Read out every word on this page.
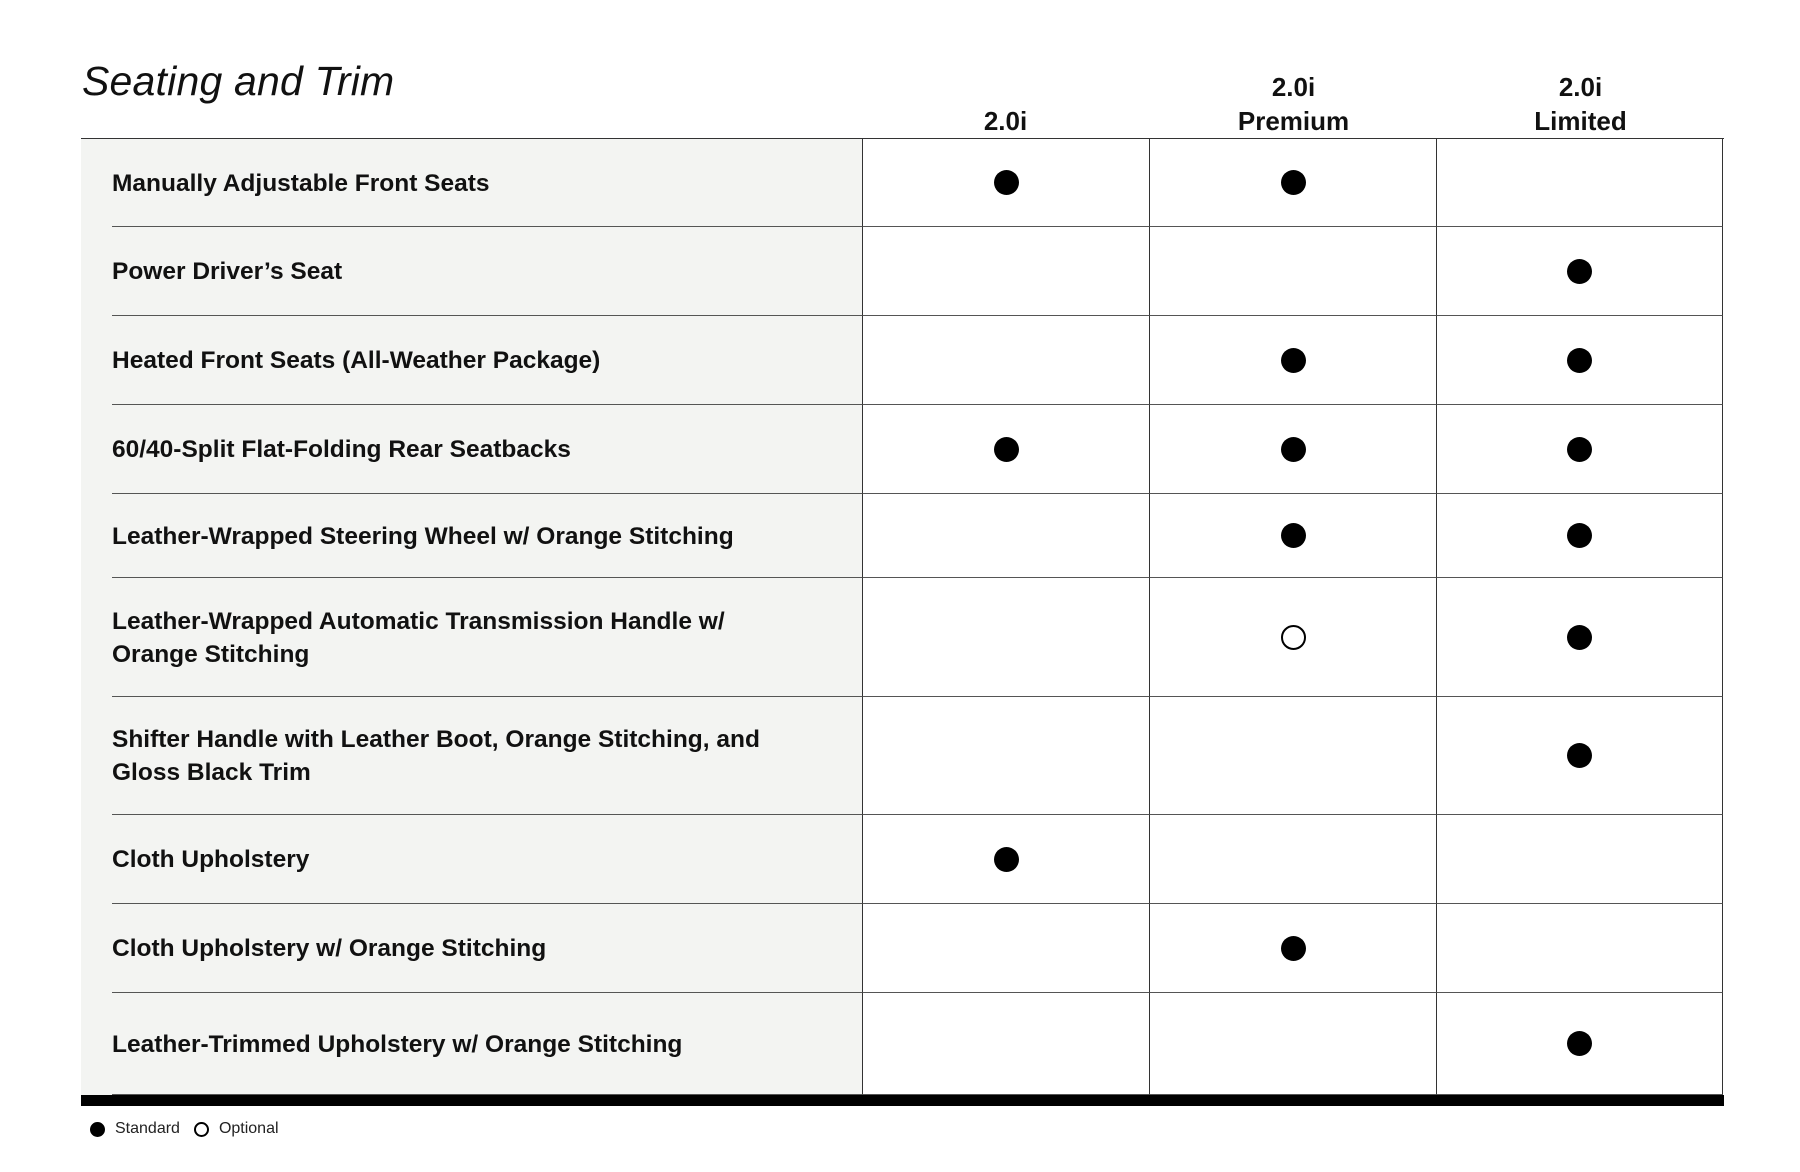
Seating and Trim
2.0i
2.0i
Premium
2.0i
Limited
Manually Adjustable Front Seats
Power Driver’s Seat
Heated Front Seats (All-Weather Package)
60/40-Split Flat-Folding Rear Seatbacks
Leather-Wrapped Steering Wheel w/ Orange Stitching
Leather-Wrapped Automatic Transmission Handle w/ Orange Stitching
Shifter Handle with Leather Boot, Orange Stitching, and Gloss Black Trim
Cloth Upholstery
Cloth Upholstery w/ Orange Stitching
Leather-Trimmed Upholstery w/ Orange Stitching
Standard Optional
